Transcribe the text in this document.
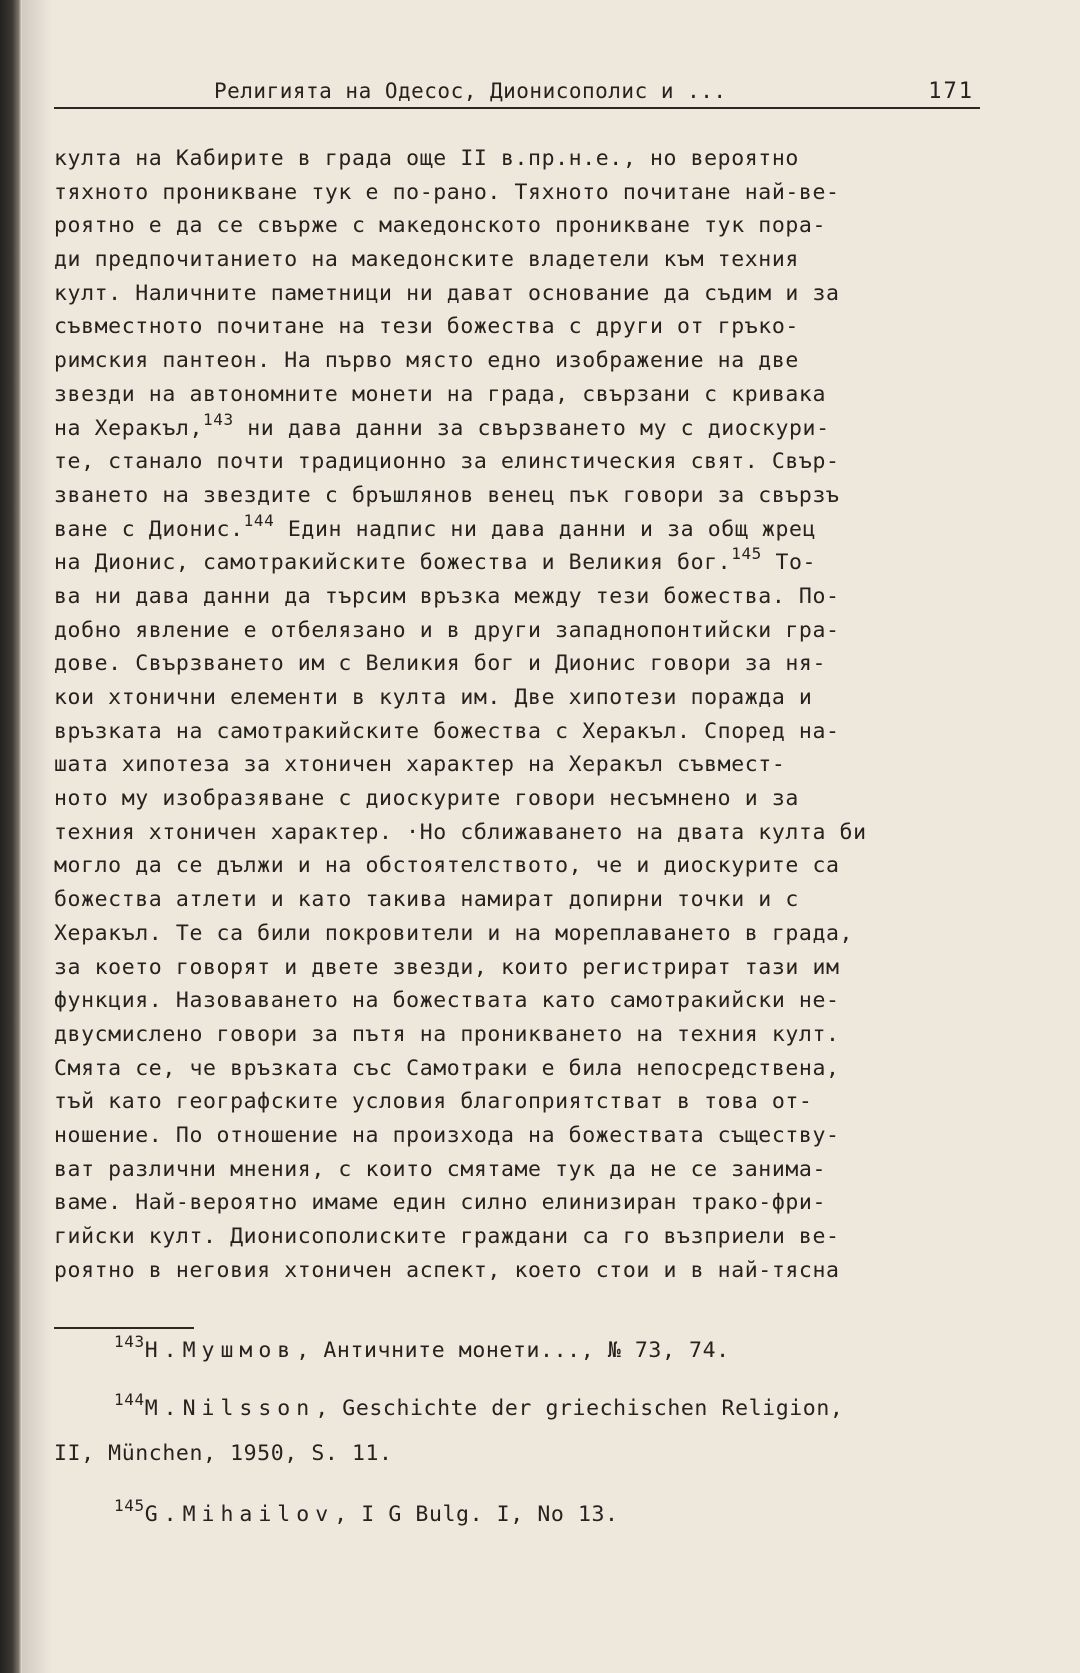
Религията на Одесос, Дионисополис и ...	171
култа на Кабирите в града още II в.пр.н.е., но вероятно
тяхното проникване тук е по-рано. Тяхното почитане най-ве-
роятно е да се свърже с македонското проникване тук пора-
ди предпочитанието на македонските владетели към техния
култ. Наличните паметници ни дават основание да съдим и за
съвместното почитане на тези божества с други от гръко-
римския пантеон. На първо място едно изображение на две
звезди на автономните монети на града, свързани с кривака
на Херакъл,$^{143}$ ни дава данни за свързването му с диоскури-
те, станало почти традиционно за елинстическия свят. Свър-
зването на звездите с бръшлянов венец пък говори за свързъ
ване с Дионис.$^{144}$ Един надпис ни дава данни и за общ жрец
на Дионис, самотракийските божества и Великия бог.$^{145}$ То-
ва ни дава данни да търсим връзка между тези божества. По-
добно явление е отбелязано и в други западнопонтийски гра-
дове. Свързването им с Великия бог и Дионис говори за ня-
кои хтонични елементи в култа им. Две хипотези поражда и
връзката на самотракийските божества с Херакъл. Според на-
шата хипотеза за хтоничен характер на Херакъл съвмест-
ното му изобразяване с диоскурите говори несъмнено и за
техния хтоничен характер. ·Но сближаването на двата култа би
могло да се дължи и на обстоятелството, че и диоскурите са
божества атлети и като такива намират допирни точки и с
Херакъл. Те са били покровители и на мореплаването в града,
за което говорят и двете звезди, които регистрират тази им
функция. Назоваването на божествата като самотракийски не-
двусмислено говори за пътя на проникването на техния култ.
Смята се, че връзката със Самотраки е била непосредствена,
тъй като географските условия благоприятстват в това от-
ношение. По отношение на произхода на божествата съществу-
ват различни мнения, с които смятаме тук да не се занима-
ваме. Най-вероятно имаме един силно елинизиран трако-фри-
гийски култ. Дионисополиските граждани са го възприели ве-
роятно в неговия хтоничен аспект, което стои и в най-тясна
$^{143}$Н.Мушмов, Античните монети..., № 73, 74.
$^{144}$M.Nilsson, Geschichte der griechischen Religion,
II, München, 1950, S. 11.
$^{145}$G.Mihailov, I G Bulg. I, No 13.
